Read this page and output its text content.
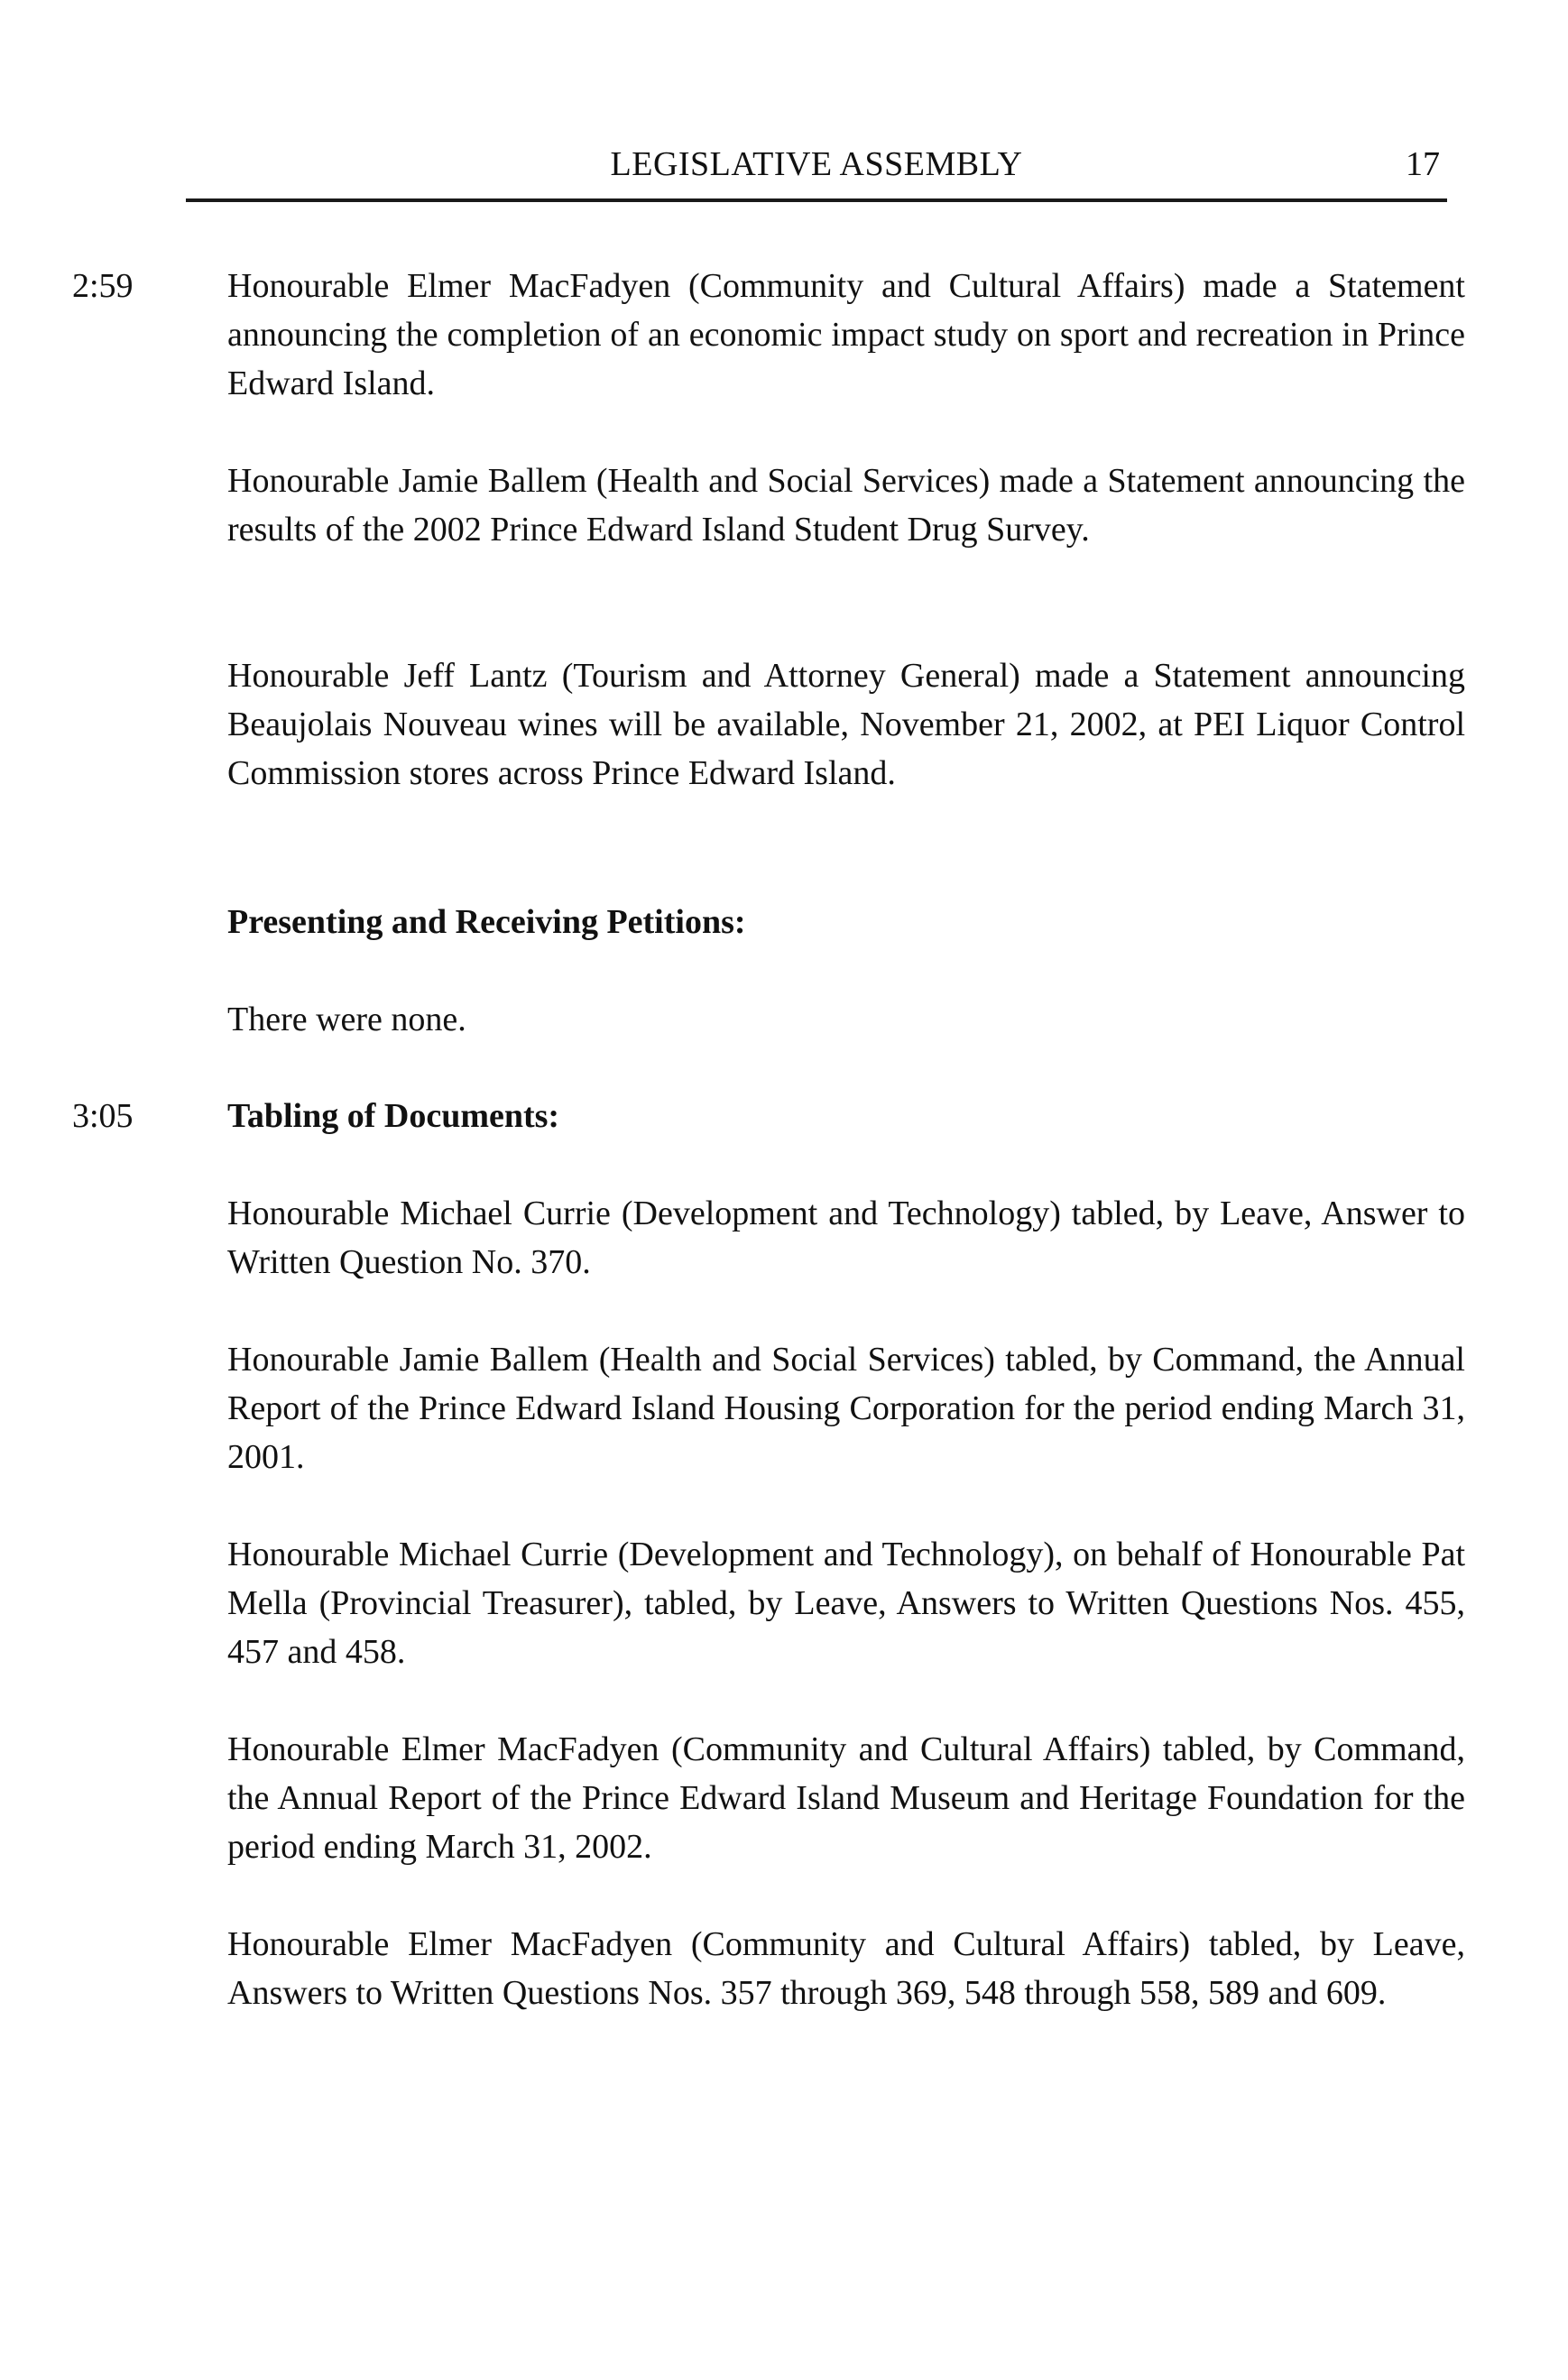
LEGISLATIVE ASSEMBLY	17
2:59	Honourable Elmer MacFadyen (Community and Cultural Affairs) made a Statement announcing the completion of an economic impact study on sport and recreation in Prince Edward Island.

Honourable Jamie Ballem (Health and Social Services) made a Statement announcing the results of the 2002 Prince Edward Island Student Drug Survey.

Honourable Jeff Lantz (Tourism and Attorney General) made a Statement announcing Beaujolais Nouveau wines will be available, November 21, 2002, at PEI Liquor Control Commission stores across Prince Edward Island.

Presenting and Receiving Petitions:

There were none.

3:05	Tabling of Documents:

Honourable Michael Currie (Development and Technology) tabled, by Leave, Answer to Written Question No. 370.

Honourable Jamie Ballem (Health and Social Services) tabled, by Command, the Annual Report of the Prince Edward Island Housing Corporation for the period ending March 31, 2001.

Honourable Michael Currie (Development and Technology), on behalf of Honourable Pat Mella (Provincial Treasurer), tabled, by Leave, Answers to Written Questions Nos. 455, 457 and 458.

Honourable Elmer MacFadyen (Community and Cultural Affairs) tabled, by Command, the Annual Report of the Prince Edward Island Museum and Heritage Foundation for the period ending March 31, 2002.

Honourable Elmer MacFadyen (Community and Cultural Affairs) tabled, by Leave, Answers to Written Questions Nos. 357 through 369, 548 through 558, 589 and 609.
